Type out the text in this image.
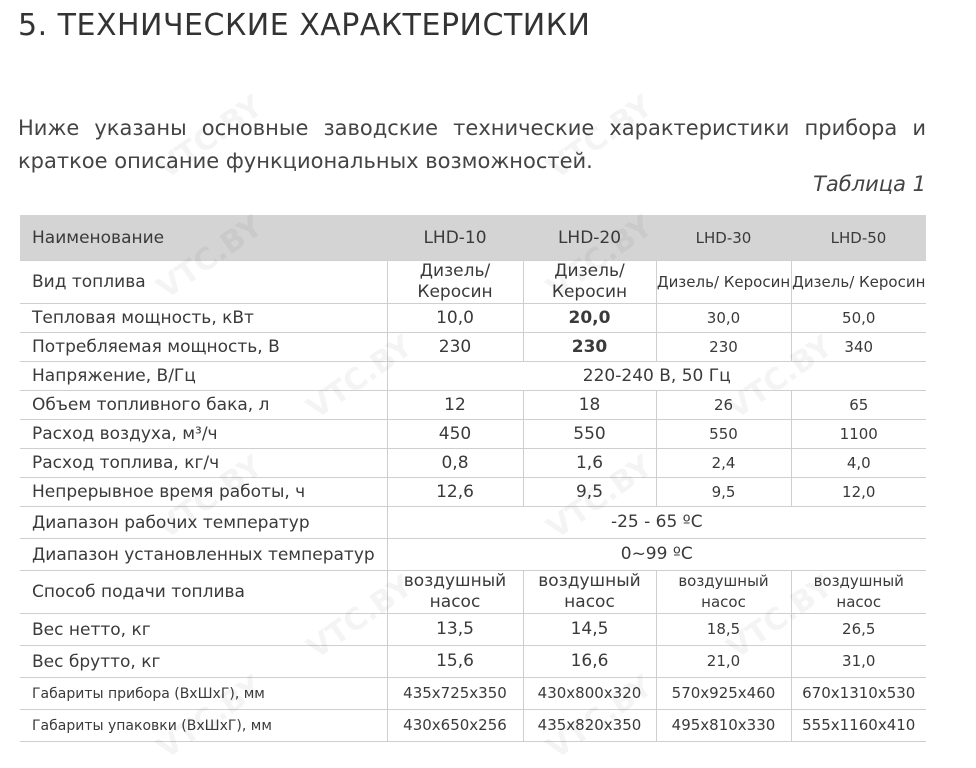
5. ТЕХНИЧЕСКИЕ ХАРАКТЕРИСТИКИ
Ниже указаны основные заводские технические характеристики прибора и краткое описание функциональных возможностей.
Таблица 1
Наименование	LHD-10	LHD-20	LHD-30	LHD-50
Вид топлива	Дизель/ Керосин	Дизель/ Керосин	Дизель/ Керосин	Дизель/ Керосин
Тепловая мощность, кВт	10,0	20,0	30,0	50,0
Потребляемая мощность, В	230	230	230	340
Напряжение, В/Гц	220-240 В, 50 Гц			
Объем топливного бака, л	12	18	26	65
Расход воздуха, м³/ч	450	550	550	1100
Расход топлива, кг/ч	0,8	1,6	2,4	4,0
Непрерывное время работы, ч	12,6	9,5	9,5	12,0
Диапазон рабочих температур	-25 - 65 ºС			
Диапазон установленных температур	0~99 ºС			
Способ подачи топлива	воздушный насос	воздушный насос	воздушный насос	воздушный насос
Вес нетто, кг	13,5	14,5	18,5	26,5
Вес брутто, кг	15,6	16,6	21,0	31,0
Габариты прибора (ВхШхГ), мм	435x725x350	430x800x320	570x925x460	670x1310x530
Габариты упаковки (ВхШхГ), мм	430x650x256	435x820x350	495x810x330	555x1160x410
